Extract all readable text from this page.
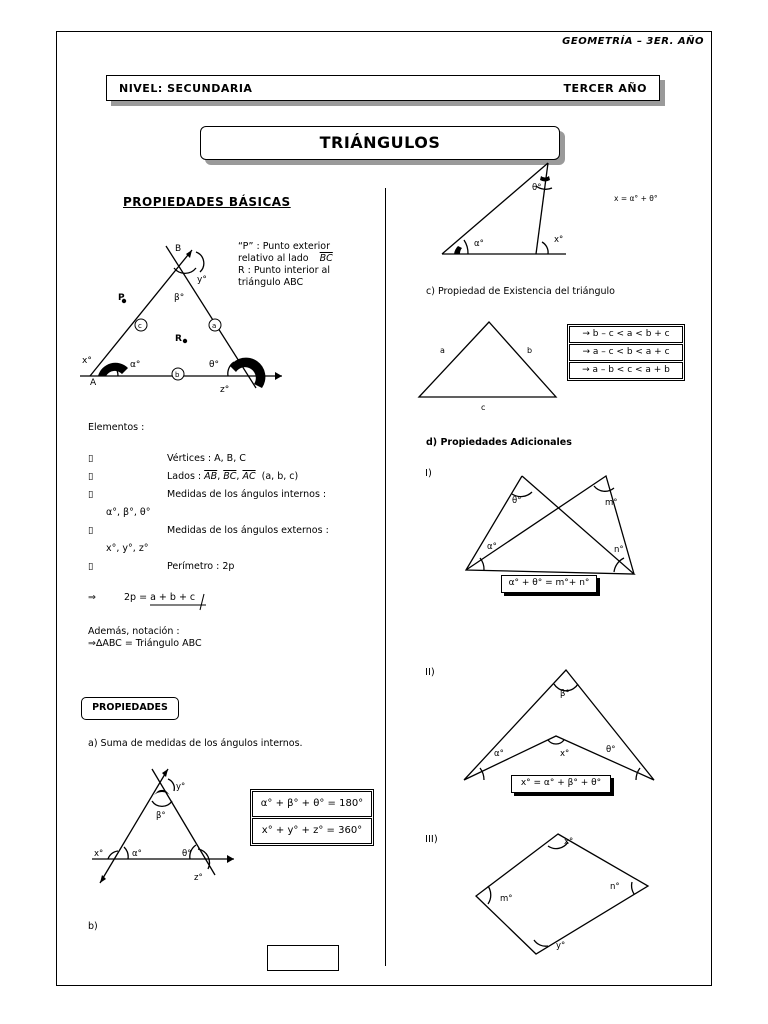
GEOMETRÍA – 3ER. AÑO
NIVEL: SECUNDARIA	TERCER AÑO
TRIÁNGULOS
PROPIEDADES BÁSICAS
B
A
C
P
R
y°
β°
x°	α°	θ°
z°
a
b
c
“P” : Punto exterior
relativo al lado $\overline{BC}$
R : Punto interior al
triángulo ABC
Elementos :
▯	Vértices : A, B, C
▯	Lados : $\overline{AB}$, $\overline{BC}$, $\overline{AC}$ (a, b, c)
▯	Medidas de los ángulos internos :
α°, β°, θ°
▯	Medidas de los ángulos externos :
x°, y°, z°
▯	Perímetro : 2p
⇒	2p = a + b + c
Además, notación :
⇒∆ABC = Triángulo ABC
PROPIEDADES
a) Suma de medidas de los ángulos internos.
y°
β°
x°	α°	θ°
z°
α° + β° + θ° = 180°
x° + y° + z° = 360°
b)
θ°
α°	x°
x = α° + θ°
c) Propiedad de Existencia del triángulo
a	b
c
→ b – c < a < b + c
→ a – c < b < a + c
→ a – b < c < a + b
d) Propiedades Adicionales
I)
θ°	m°
α°	n°
α° + θ° = m°+ n°
II)
β°
α°	x°	θ°
x° = α° + β° + θ°
III)	x°
n°
m°
y°
